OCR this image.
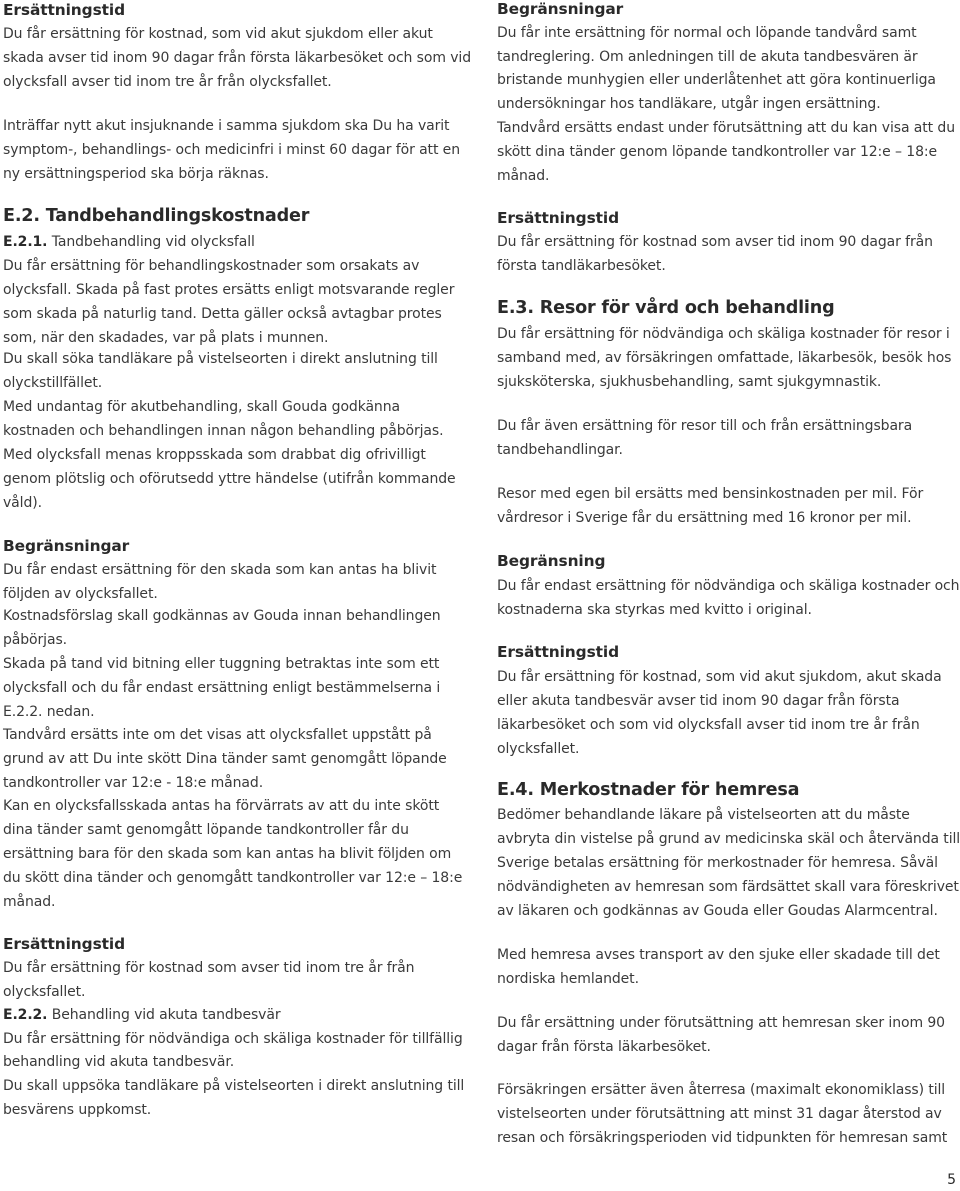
Ersättningstid
Du får ersättning för kostnad, som vid akut sjukdom eller akut
skada avser tid inom 90 dagar från första läkarbesöket och som vid
olycksfall avser tid inom tre år från olycksfallet.
Inträffar nytt akut insjuknande i samma sjukdom ska Du ha varit
symptom-, behandlings- och medicinfri i minst 60 dagar för att en
ny ersättningsperiod ska börja räknas.
E.2. Tandbehandlingskostnader
E.2.1. Tandbehandling vid olycksfall
Du får ersättning för behandlingskostnader som orsakats av
olycksfall. Skada på fast protes ersätts enligt motsvarande regler
som skada på naturlig tand. Detta gäller också avtagbar protes
som, när den skadades, var på plats i munnen.
Du skall söka tandläkare på vistelseorten i direkt anslutning till
olyckstillfället.
Med undantag för akutbehandling, skall Gouda godkänna
kostnaden och behandlingen innan någon behandling påbörjas.
Med olycksfall menas kroppsskada som drabbat dig ofrivilligt
genom plötslig och oförutsedd yttre händelse (utifrån kommande
våld).
Begränsningar
Du får endast ersättning för den skada som kan antas ha blivit
följden av olycksfallet.
Kostnadsförslag skall godkännas av Gouda innan behandlingen
påbörjas.
Skada på tand vid bitning eller tuggning betraktas inte som ett
olycksfall och du får endast ersättning enligt bestämmelserna i
E.2.2. nedan.
Tandvård ersätts inte om det visas att olycksfallet uppstått på
grund av att Du inte skött Dina tänder samt genomgått löpande
tandkontroller var 12:e - 18:e månad.
Kan en olycksfallsskada antas ha förvärrats av att du inte skött
dina tänder samt genomgått löpande tandkontroller får du
ersättning bara för den skada som kan antas ha blivit följden om
du skött dina tänder och genomgått tandkontroller var 12:e – 18:e
månad.
Ersättningstid
Du får ersättning för kostnad som avser tid inom tre år från
olycksfallet.
E.2.2. Behandling vid akuta tandbesvär
Du får ersättning för nödvändiga och skäliga kostnader för tillfällig
behandling vid akuta tandbesvär.
Du skall uppsöka tandläkare på vistelseorten i direkt anslutning till
besvärens uppkomst.
Begränsningar
Du får inte ersättning för normal och löpande tandvård samt
tandreglering. Om anledningen till de akuta tandbesvären är
bristande munhygien eller underlåtenhet att göra kontinuerliga
undersökningar hos tandläkare, utgår ingen ersättning.
Tandvård ersätts endast under förutsättning att du kan visa att du
skött dina tänder genom löpande tandkontroller var 12:e – 18:e
månad.
Ersättningstid
Du får ersättning för kostnad som avser tid inom 90 dagar från
första tandläkarbesöket.
E.3. Resor för vård och behandling
Du får ersättning för nödvändiga och skäliga kostnader för resor i
samband med, av försäkringen omfattade, läkarbesök, besök hos
sjuksköterska, sjukhusbehandling, samt sjukgymnastik.
Du får även ersättning för resor till och från ersättningsbara
tandbehandlingar.
Resor med egen bil ersätts med bensinkostnaden per mil. För
vårdresor i Sverige får du ersättning med 16 kronor per mil.
Begränsning
Du får endast ersättning för nödvändiga och skäliga kostnader och
kostnaderna ska styrkas med kvitto i original.
Ersättningstid
Du får ersättning för kostnad, som vid akut sjukdom, akut skada
eller akuta tandbesvär avser tid inom 90 dagar från första
läkarbesöket och som vid olycksfall avser tid inom tre år från
olycksfallet.
E.4. Merkostnader för hemresa
Bedömer behandlande läkare på vistelseorten att du måste
avbryta din vistelse på grund av medicinska skäl och återvända till
Sverige betalas ersättning för merkostnader för hemresa. Såväl
nödvändigheten av hemresan som färdsättet skall vara föreskrivet
av läkaren och godkännas av Gouda eller Goudas Alarmcentral.
Med hemresa avses transport av den sjuke eller skadade till det
nordiska hemlandet.
Du får ersättning under förutsättning att hemresan sker inom 90
dagar från första läkarbesöket.
Försäkringen ersätter även återresa (maximalt ekonomiklass) till
vistelseorten under förutsättning att minst 31 dagar återstod av
resan och försäkringsperioden vid tidpunkten för hemresan samt
5
